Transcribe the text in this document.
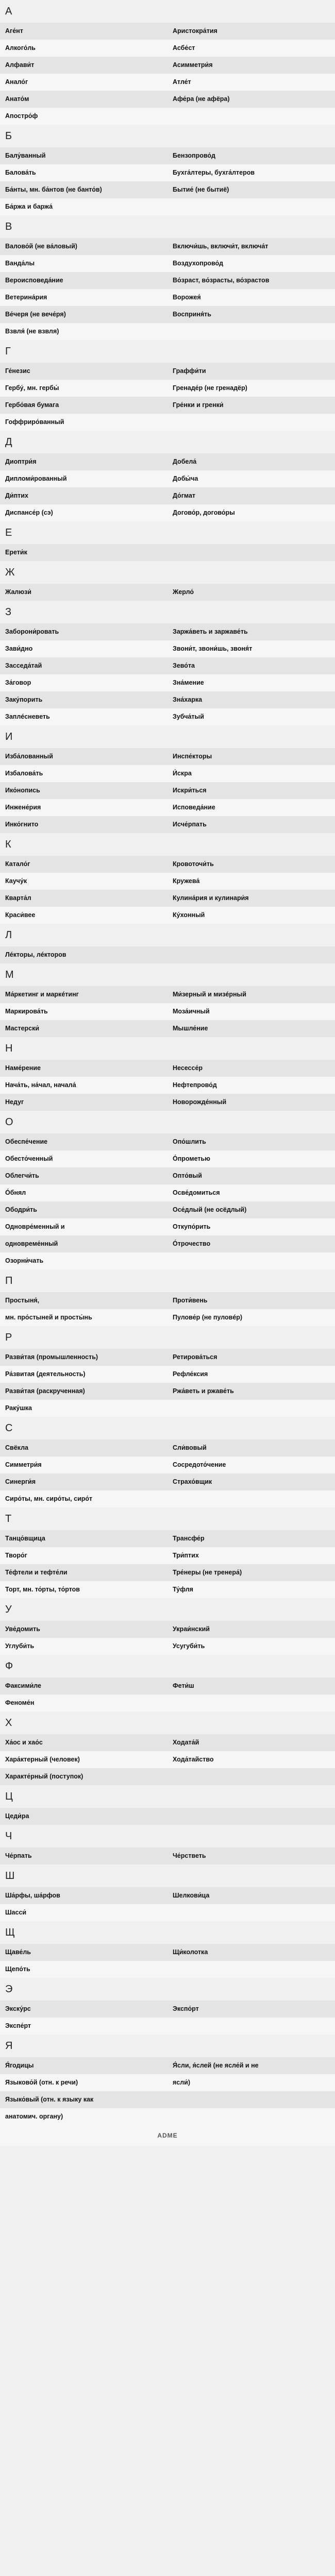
А
Аге́нт	Аристокра́тия
Алкого́ль	Асбе́ст
Алфави́т	Асимметри́я
Анало́г	Атле́т
Анато́м	Афе́ра (не афёра)
Апостро́ф
Б
Балу́ванный	Бензопрово́д
Балова́ть	Бухга́лтеры, бухга́лтеров
Ба́нты, мн. ба́нтов (не банто́в)	Бытие́ (не бытиё)
Ба́ржа и баржа́
В
Валово́й (не ва́ловый)	Включи́шь, включи́т, включа́т
Ванда́лы	Воздухопрово́д
Вероисповеда́ние	Во́зраст, во́зрасты, во́зрастов
Ветерина́рия	Ворожея́
Ве́черя (не вече́ря)	Восприня́ть
Взвля́ (не взвля)
Г
Ге́незис	Граффи́ти
Гербу́, мн. гербы́	Гренаде́р (не гренадёр)
Гербо́вая бумага	Гре́нки и гренки́
Гоффриро́ванный
Д
Диоптри́я	Добела́
Дипломи́рованный	Добы́ча
Ди́птих	До́гмат
Диспансе́р (сэ)	Догово́р, догово́ры
Е
Ерети́к
Ж
Жалюзи́	Жерло́
З
Заборони́ровать	Заржа́веть и заржаве́ть
Зави́дно	Звони́т, звони́шь, звоня́т
Засседа́тай	Зево́та
За́говор	Зна́мение
Заку́порить	Зна́харка
Заплéсневеть	Зубча́тый
И
Изба́лованный	Инспе́кторы
Избалова́ть	И́скра
Ико́нопись	Искри́ться
Инжене́рия	Исповеда́ние
Инко́гнито	Исче́рпать
К
Катало́г	Кровоточи́ть
Каучу́к	Кружева́
Кварта́л	Кулина́рия и кулинари́я
Краси́вее	Ку́хонный
Л
Лéкторы, лéкторов
М
Ма́ркетинг и маркéтинг	Ми́зерный и мизéрный
Маркирова́ть	Моза́ичный
Мастерски́	Мышле́ние
Н
Наме́рение	Несессе́р
Нача́ть, на́чал, начала́	Нефтепрово́д
Недуг	Новорожде́нный
О
Обеспе́чение	Опо́шлить
Обесто́ченный	О́прометью
Облегчи́ть	Опто́вый
О́бнял	Осве́домиться
Ободри́ть	Осе́длый (не осёдлый)
Одновре́менный и	Откупо́рить
одновреме́нный	О́трочество
Озорни́чать
П
Простыня́,	Проти́вень
мн. про́стыней и просты́нь	Пулове́р (не пуловéр)
Р
Разви́тая (промышленность)	Ретирова́ться
Ра́звитая (деятельность)	Рефле́ксия
Разви́тая (раскрученная)	Ржа́веть и ржаве́ть
Раку́шка
С
Свёкла	Сли́вовый
Симметри́я	Сосредото́чение
Синерги́я	Страхо́вщик
Сиро́ты, мн. сиро́ты, сиро́т
Т
Танцо́вщица	Трансфе́р
Творо́г	Три́птих
Те́фтели и тефте́ли	Тре́неры (не тренера́)
Торт, мн. то́рты, то́ртов	Ту́фля
У
Уве́домить	Украи́нский
Углуби́ть	Усугуби́ть
Ф
Факсими́ле	Фети́ш
Феноме́н
Х
Ха́ос и хао́с	Ходата́й
Хара́ктерный (человек)	Хода́тайство
Характе́рный (поступок)
Ц
Цеди́ра
Ч
Че́рпать	Че́рстветь
Ш
Ша́рфы, ша́рфов	Шелкови́ца
Шасси́
Щ
Щаве́ль	Щи́колотка
Щепо́ть
Э
Экску́рс	Экспо́рт
Экспе́рт
Я
Я́годицы	Я́сли, я́слей (не ясле́й и не
Языково́й (отн. к речи)	ясли́)
Языко́вый (отн. к языку как
анатомич. органу)
ADME
